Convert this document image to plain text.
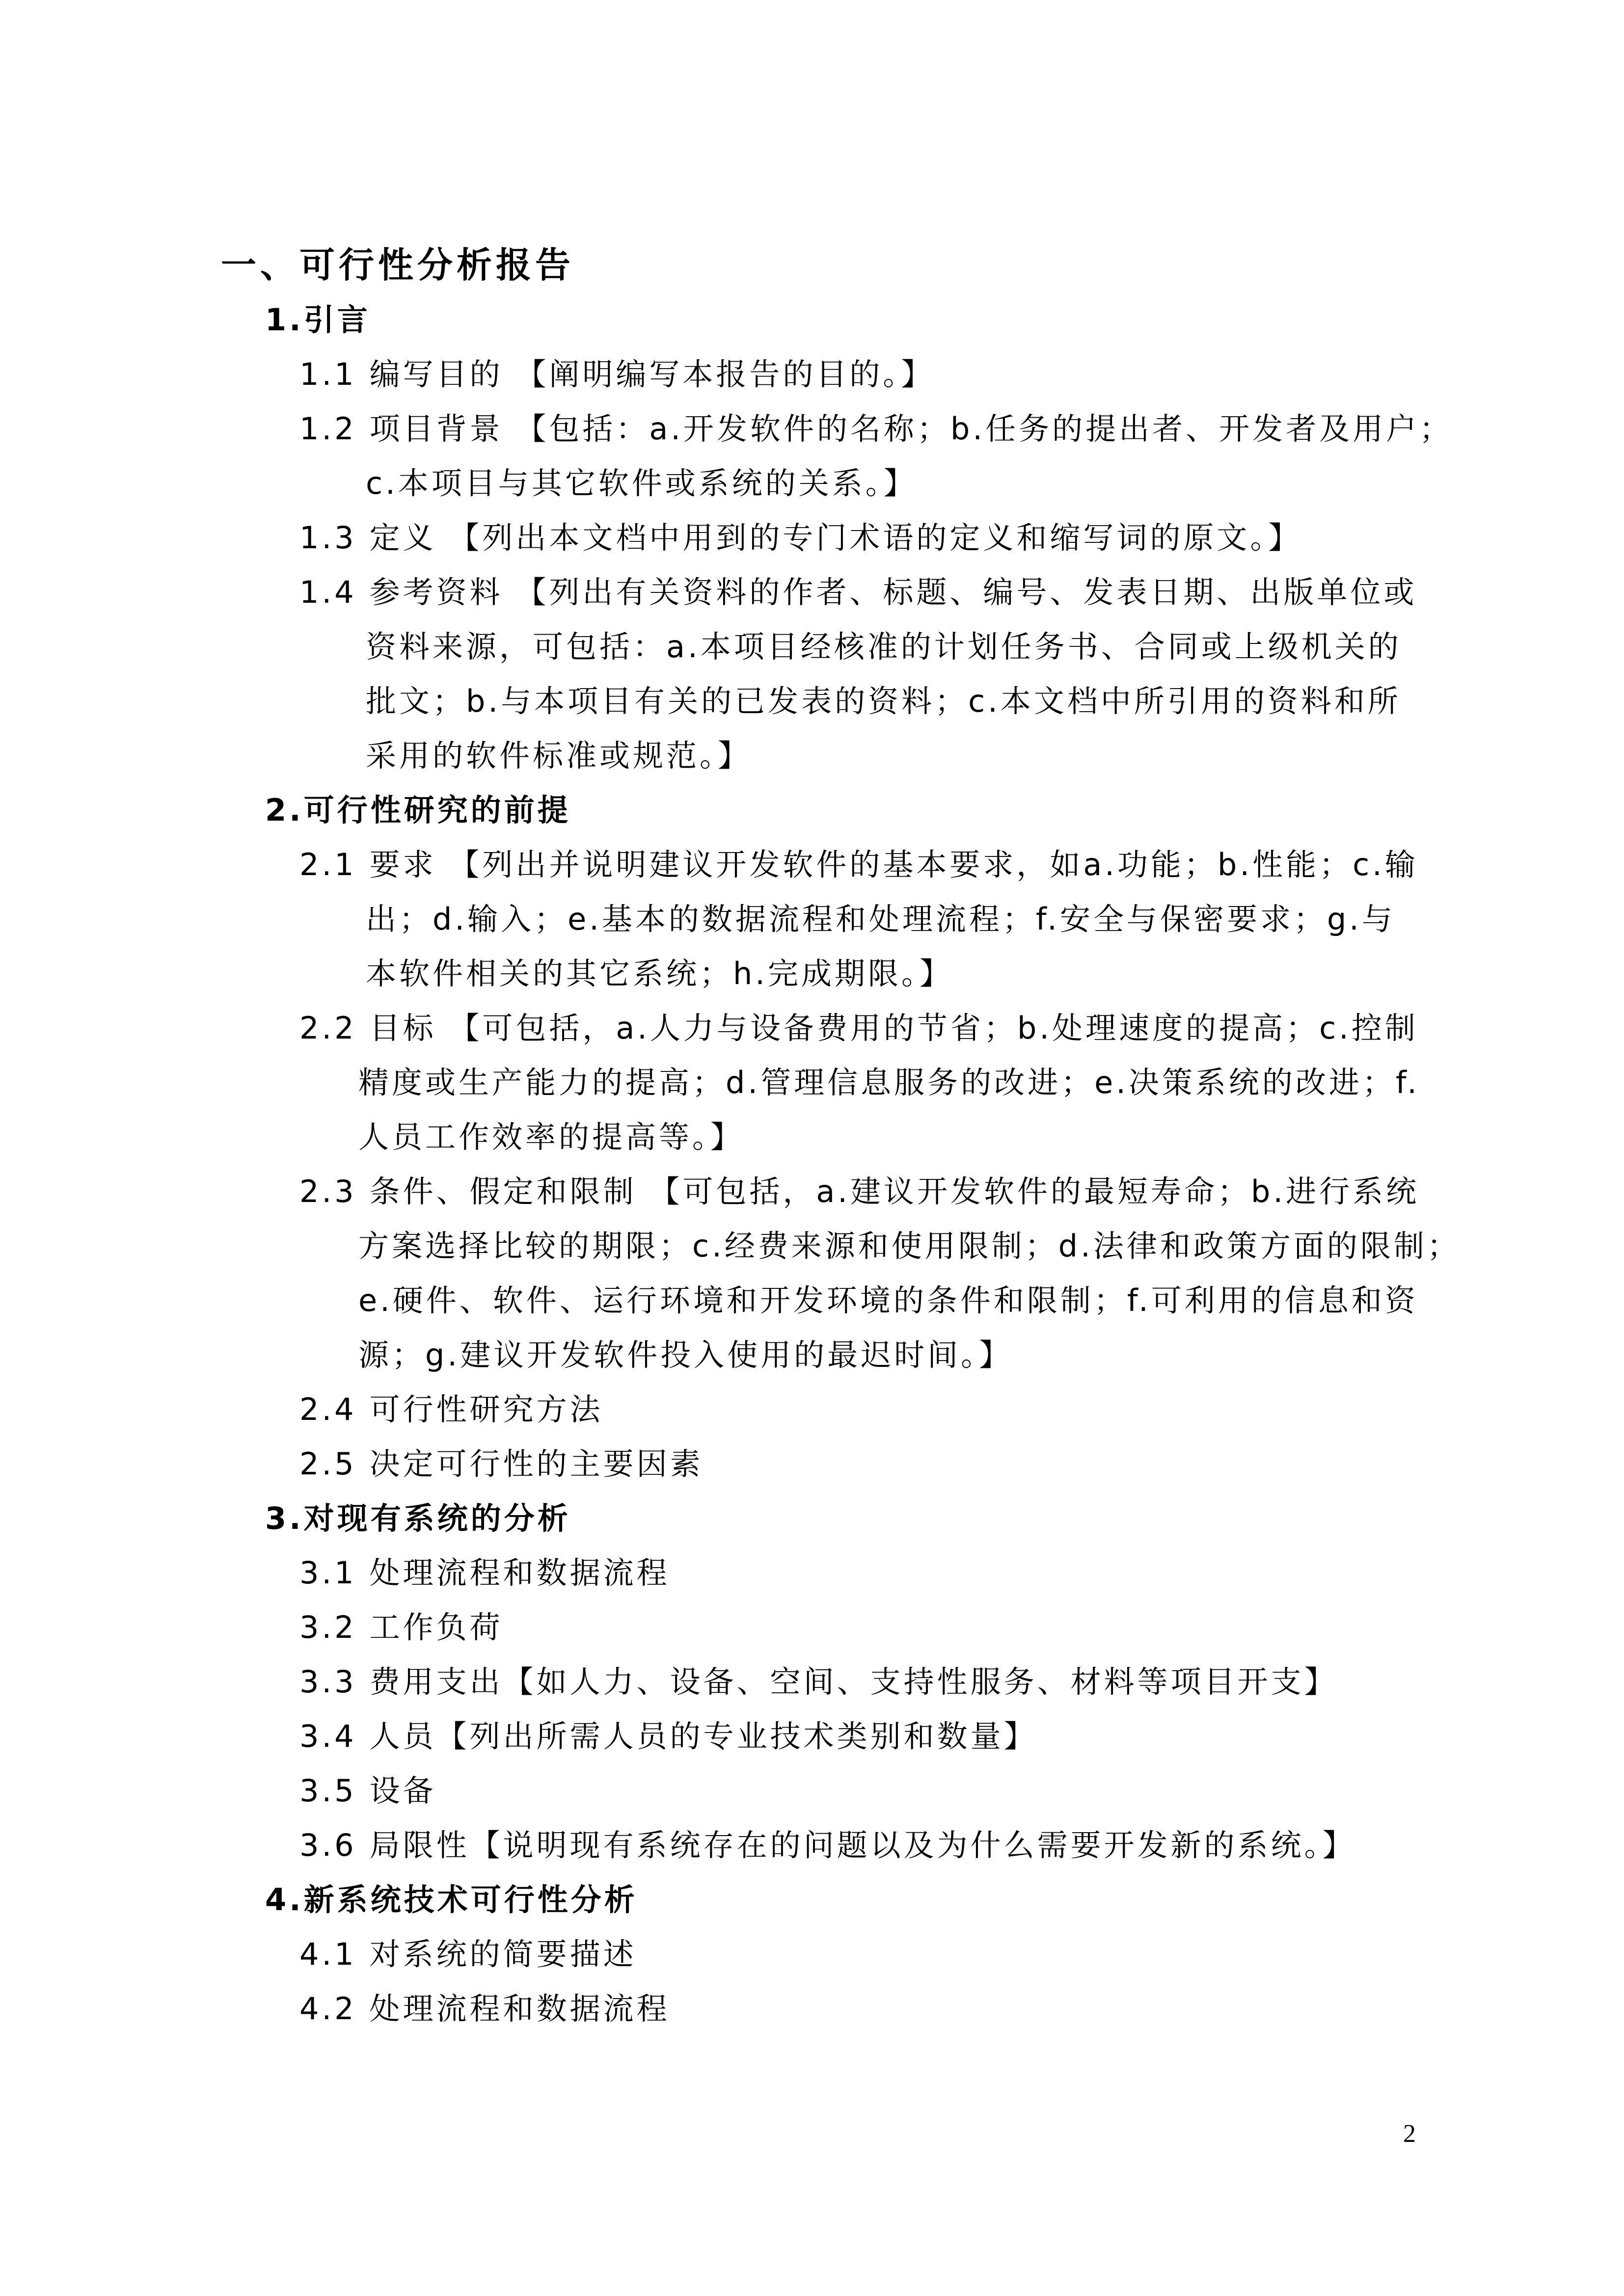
一、可行性分析报告
1.引言
1.1 编写目的 【阐明编写本报告的目的。】
1.2 项目背景 【包括：a.开发软件的名称；b.任务的提出者、开发者及用户；
c.本项目与其它软件或系统的关系。】
1.3 定义 【列出本文档中用到的专门术语的定义和缩写词的原文。】
1.4 参考资料 【列出有关资料的作者、标题、编号、发表日期、出版单位或
资料来源，可包括：a.本项目经核准的计划任务书、合同或上级机关的
批文；b.与本项目有关的已发表的资料；c.本文档中所引用的资料和所
采用的软件标准或规范。】
2.可行性研究的前提
2.1 要求 【列出并说明建议开发软件的基本要求，如a.功能；b.性能；c.输
出；d.输入；e.基本的数据流程和处理流程；f.安全与保密要求；g.与
本软件相关的其它系统；h.完成期限。】
2.2 目标 【可包括，a.人力与设备费用的节省；b.处理速度的提高；c.控制
精度或生产能力的提高；d.管理信息服务的改进；e.决策系统的改进；f.
人员工作效率的提高等。】
2.3 条件、假定和限制 【可包括，a.建议开发软件的最短寿命；b.进行系统
方案选择比较的期限；c.经费来源和使用限制；d.法律和政策方面的限制；
e.硬件、软件、运行环境和开发环境的条件和限制；f.可利用的信息和资
源；g.建议开发软件投入使用的最迟时间。】
2.4 可行性研究方法
2.5 决定可行性的主要因素
3.对现有系统的分析
3.1 处理流程和数据流程
3.2 工作负荷
3.3 费用支出【如人力、设备、空间、支持性服务、材料等项目开支】
3.4 人员【列出所需人员的专业技术类别和数量】
3.5 设备
3.6 局限性【说明现有系统存在的问题以及为什么需要开发新的系统。】
4.新系统技术可行性分析
4.1 对系统的简要描述
4.2 处理流程和数据流程
2
